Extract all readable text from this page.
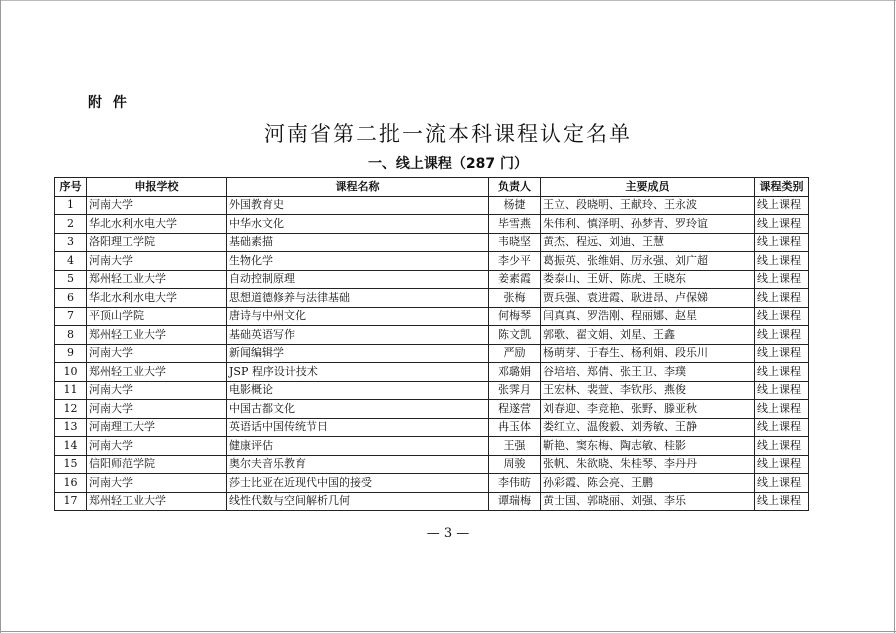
附 件
河南省第二批一流本科课程认定名单
一、线上课程（287 门）
序号	申报学校	课程名称	负责人	主要成员	课程类别
1	河南大学	外国教育史	杨捷	王立、段晓明、王献玲、王永波	线上课程
2	华北水利水电大学	中华水文化	毕雪燕	朱伟利、慎泽明、孙梦青、罗玲谊	线上课程
3	洛阳理工学院	基础素描	韦晓坚	黄杰、程远、刘迪、王慧	线上课程
4	河南大学	生物化学	李少平	葛振英、张维娟、厉永强、刘广超	线上课程
5	郑州轻工业大学	自动控制原理	姜素霞	娄泰山、王妍、陈虎、王晓东	线上课程
6	华北水利水电大学	思想道德修养与法律基础	张梅	贾兵强、袁进霞、耿进昂、卢保娣	线上课程
7	平顶山学院	唐诗与中州文化	何梅琴	闫真真、罗浩刚、程丽娜、赵星	线上课程
8	郑州轻工业大学	基础英语写作	陈文凯	郭歌、翟文娟、刘星、王鑫	线上课程
9	河南大学	新闻编辑学	严励	杨萌芽、于春生、杨利娟、段乐川	线上课程
10	郑州轻工业大学	JSP 程序设计技术	邓璐娟	谷培培、郑倩、张王卫、李璞	线上课程
11	河南大学	电影概论	张霁月	王宏林、裴萱、李钦彤、燕俊	线上课程
12	河南大学	中国古都文化	程遂营	刘春迎、李竞艳、张野、滕亚秋	线上课程
13	河南理工大学	英语话中国传统节日	冉玉体	娄红立、温俊毅、刘秀敏、王静	线上课程
14	河南大学	健康评估	王强	靳艳、窦东梅、陶志敏、桂影	线上课程
15	信阳师范学院	奥尔夫音乐教育	周骏	张帆、朱欲晓、朱桂琴、李丹丹	线上课程
16	河南大学	莎士比亚在近现代中国的接受	李伟昉	孙彩霞、陈会亮、王鹏	线上课程
17	郑州轻工业大学	线性代数与空间解析几何	谭瑞梅	黄士国、郭晓丽、刘强、李乐	线上课程
— 3 —
